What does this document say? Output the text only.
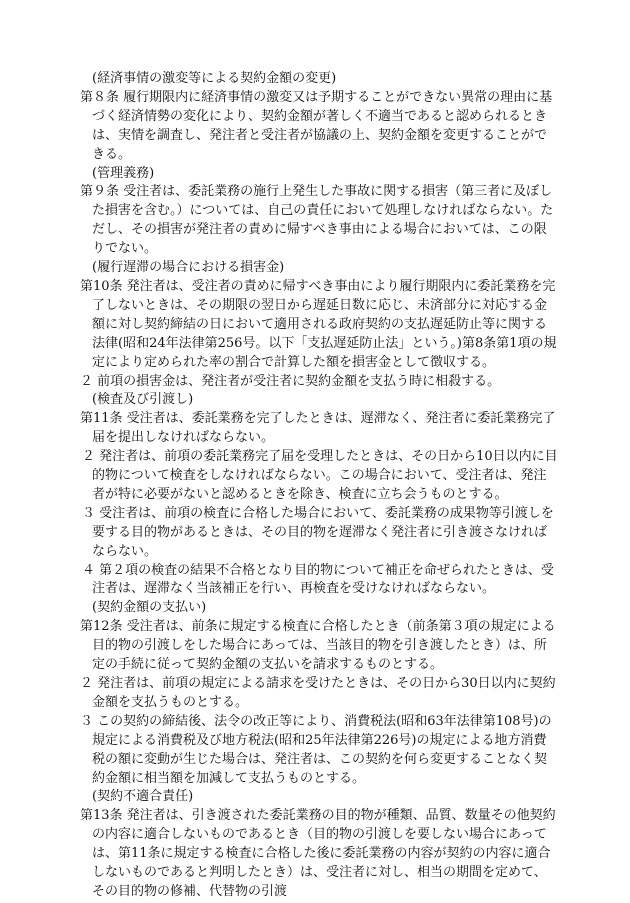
(経済事情の激変等による契約金額の変更)

第８条 履行期限内に経済事情の激変又は予期することができない異常の理由に基づく経済情勢の変化により、契約金額が著しく不適当であると認められるときは、実情を調査し、発注者と受注者が協議の上、契約金額を変更することができる。

(管理義務)

第９条 受注者は、委託業務の施行上発生した事故に関する損害（第三者に及ぼした損害を含む。）については、自己の責任において処理しなければならない。ただし、その損害が発注者の責めに帰すべき事由による場合においては、この限りでない。

(履行遅滞の場合における損害金)

第10条 発注者は、受注者の責めに帰すべき事由により履行期限内に委託業務を完了しないときは、その期限の翌日から遅延日数に応じ、未済部分に対応する金額に対し契約締結の日において適用される政府契約の支払遅延防止等に関する法律(昭和24年法律第256号。以下「支払遅延防止法」という。)第8条第1項の規定により定められた率の割合で計算した額を損害金として徴収する。

２ 前項の損害金は、発注者が受注者に契約金額を支払う時に相殺する。

(検査及び引渡し)

第11条 受注者は、委託業務を完了したときは、遅滞なく、発注者に委託業務完了届を提出しなければならない。

２ 発注者は、前項の委託業務完了届を受理したときは、その日から10日以内に目的物について検査をしなければならない。この場合において、受注者は、発注者が特に必要がないと認めるときを除き、検査に立ち会うものとする。

３ 受注者は、前項の検査に合格した場合において、委託業務の成果物等引渡しを要する目的物があるときは、その目的物を遅滞なく発注者に引き渡さなければならない。

４ 第２項の検査の結果不合格となり目的物について補正を命ぜられたときは、受注者は、遅滞なく当該補正を行い、再検査を受けなければならない。

(契約金額の支払い)

第12条 受注者は、前条に規定する検査に合格したとき（前条第３項の規定による目的物の引渡しをした場合にあっては、当該目的物を引き渡したとき）は、所定の手続に従って契約金額の支払いを請求するものとする。

２ 発注者は、前項の規定による請求を受けたときは、その日から30日以内に契約金額を支払うものとする。

３ この契約の締結後、法令の改正等により、消費税法(昭和63年法律第108号)の規定による消費税及び地方税法(昭和25年法律第226号)の規定による地方消費税の額に変動が生じた場合は、発注者は、この契約を何ら変更することなく契約金額に相当額を加減して支払うものとする。

(契約不適合責任)

第13条 発注者は、引き渡された委託業務の目的物が種類、品質、数量その他契約の内容に適合しないものであるとき（目的物の引渡しを要しない場合にあっては、第11条に規定する検査に合格した後に委託業務の内容が契約の内容に適合しないものであると判明したとき）は、受注者に対し、相当の期間を定めて、その目的物の修補、代替物の引渡
